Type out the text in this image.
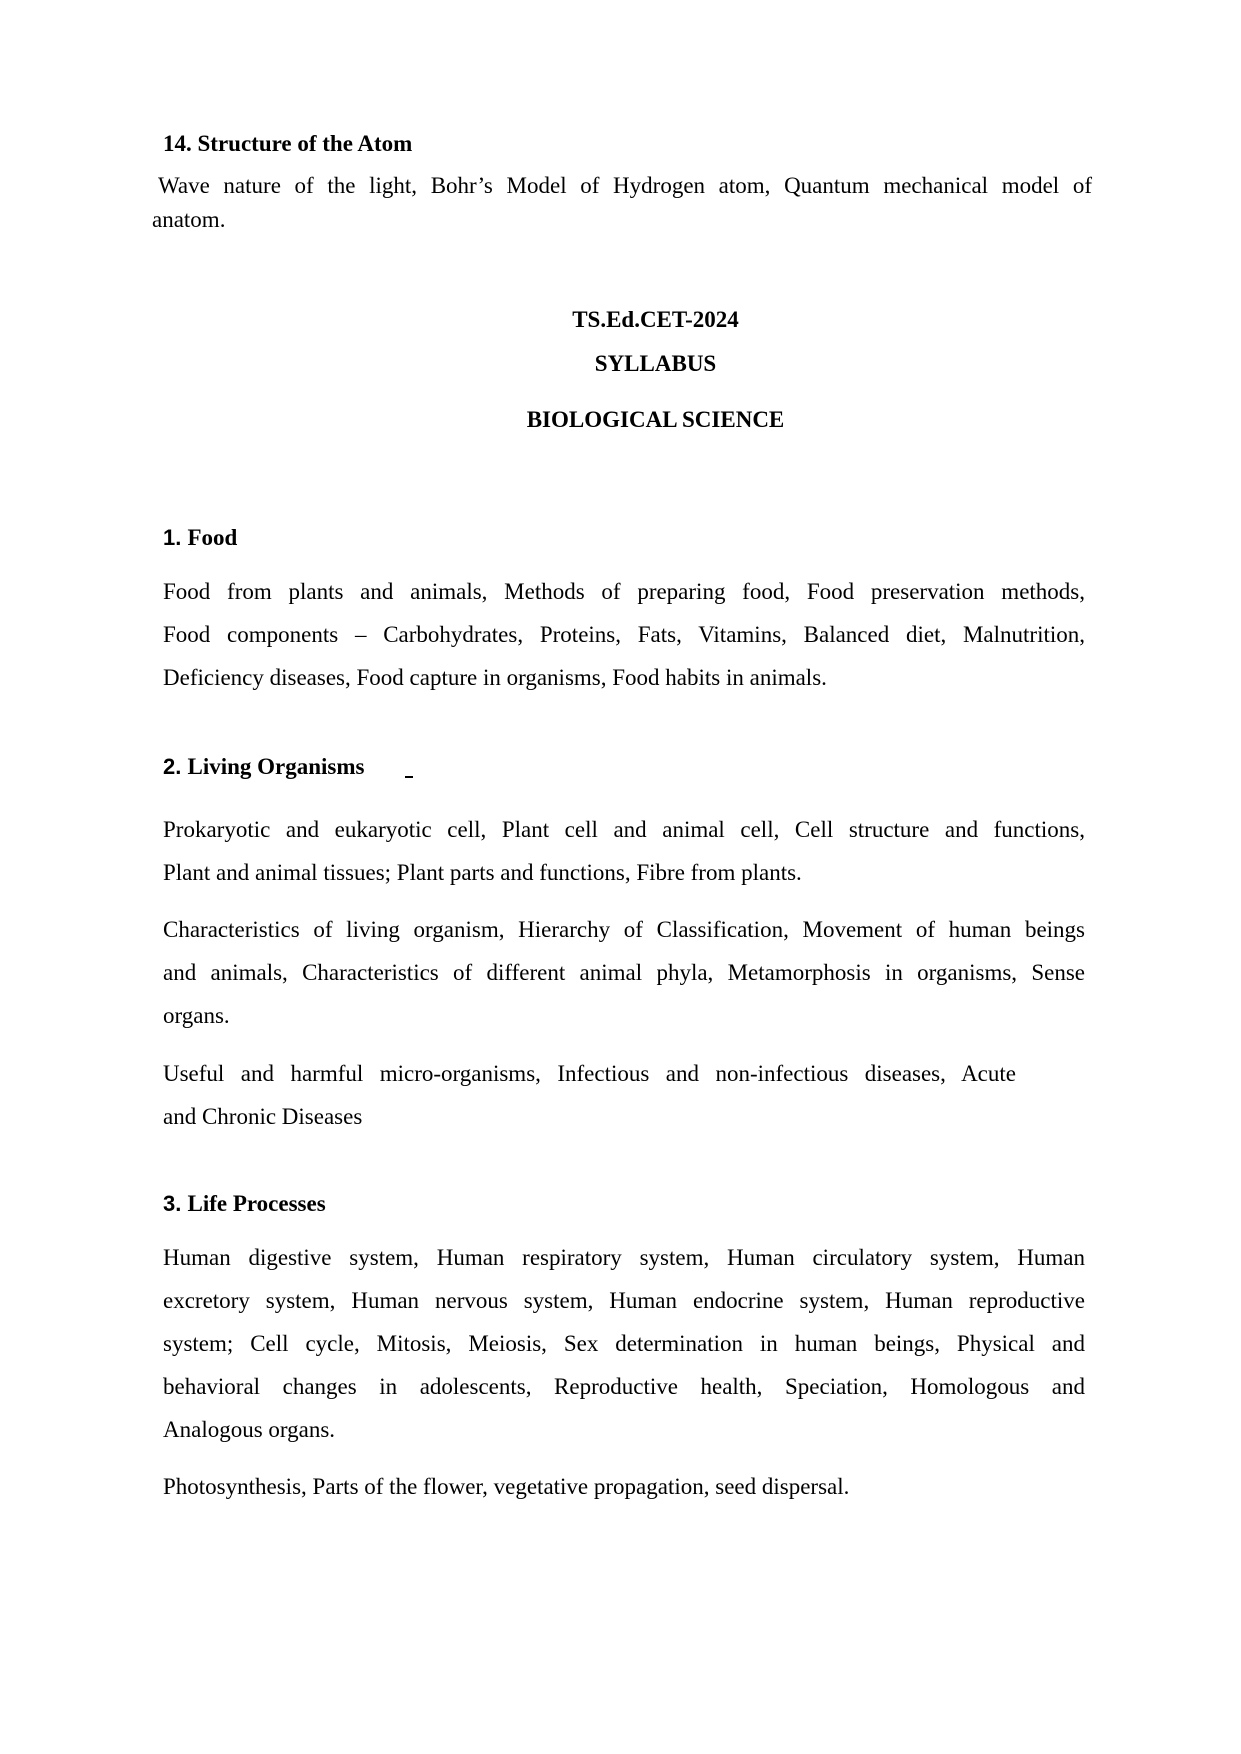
14. Structure of the Atom

Wave nature of the light, Bohr’s Model of Hydrogen atom, Quantum mechanical model of

anatom.

TS.Ed.CET-2024

SYLLABUS

BIOLOGICAL SCIENCE

1. Food

Food from plants and animals, Methods of preparing food, Food preservation methods,

Food components – Carbohydrates, Proteins, Fats, Vitamins, Balanced diet, Malnutrition,

Deficiency diseases, Food capture in organisms, Food habits in animals.

2. Living Organisms

Prokaryotic and eukaryotic cell, Plant cell and animal cell, Cell structure and functions,

Plant and animal tissues; Plant parts and functions, Fibre from plants.

Characteristics of living organism, Hierarchy of Classification, Movement of human beings

and animals, Characteristics of different animal phyla, Metamorphosis in organisms, Sense

organs.

Useful and harmful micro-organisms, Infectious and non-infectious diseases, Acute

and Chronic Diseases

3. Life Processes

Human digestive system, Human respiratory system, Human circulatory system, Human

excretory system, Human nervous system, Human endocrine system, Human reproductive

system; Cell cycle, Mitosis, Meiosis, Sex determination in human beings, Physical and

behavioral changes in adolescents, Reproductive health, Speciation, Homologous and

Analogous organs.

Photosynthesis, Parts of the flower, vegetative propagation, seed dispersal.
